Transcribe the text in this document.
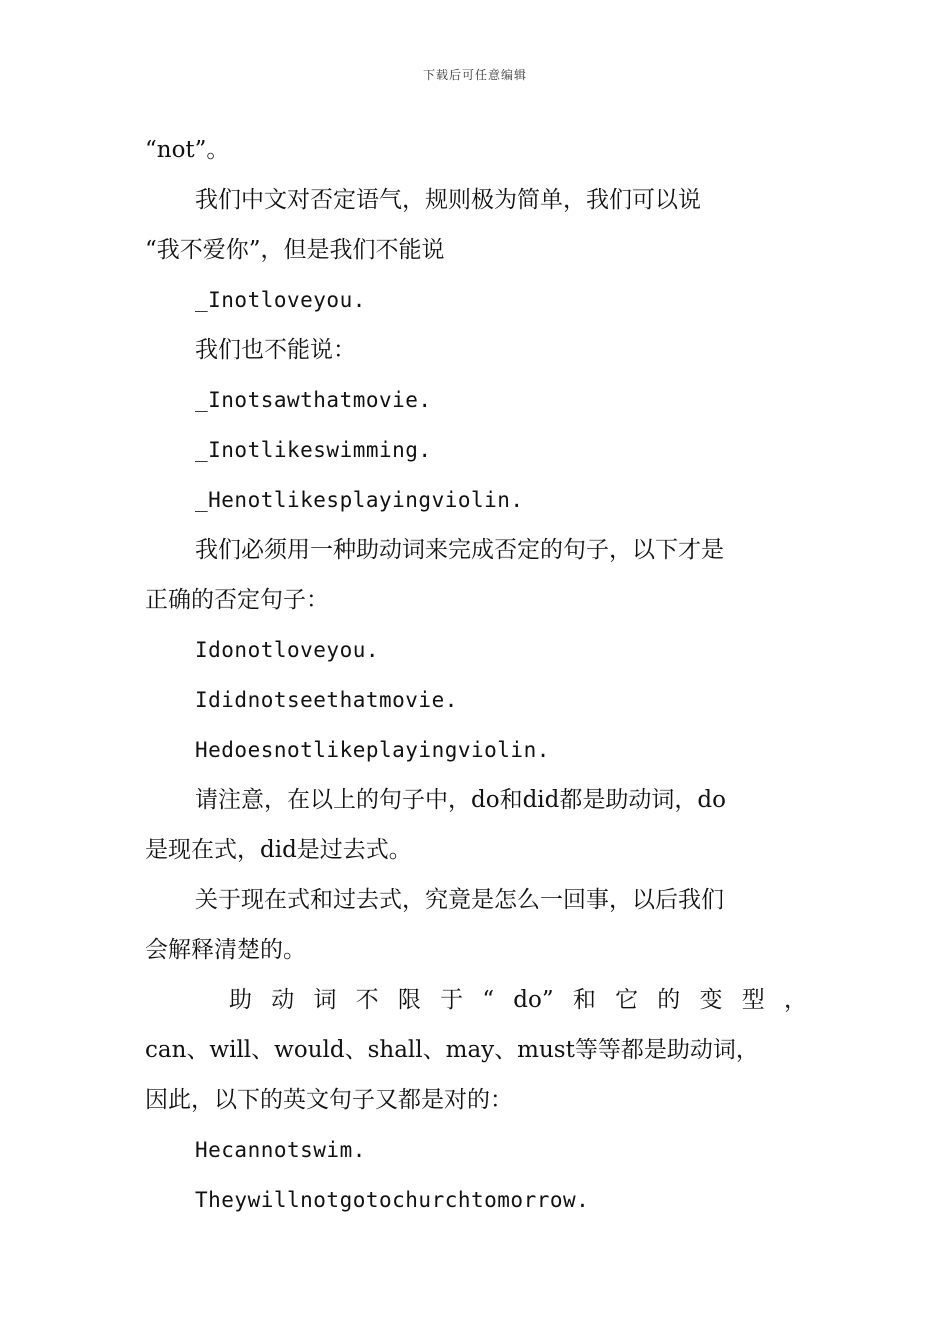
下载后可任意编辑

“not”。

我们中文对否定语气，规则极为简单，我们可以说

“我不爱你”，但是我们不能说

_Inotloveyou.

我们也不能说：

_Inotsawthatmovie.

_Inotlikeswimming.

_Henotlikesplayingviolin.

我们必须用一种助动词来完成否定的句子，以下才是

正确的否定句子：

Idonotloveyou.

Ididnotseethatmovie.

Hedoesnotlikeplayingviolin.

请注意，在以上的句子中，do和did都是助动词，do

是现在式，did是过去式。

关于现在式和过去式，究竟是怎么一回事，以后我们

会解释清楚的。

助 动 词 不 限 于 “ do” 和 它 的 变 型 ，

can、will、would、shall、may、must等等都是助动词，

因此，以下的英文句子又都是对的：

Hecannotswim.

Theywillnotgotochurchtomorrow.
